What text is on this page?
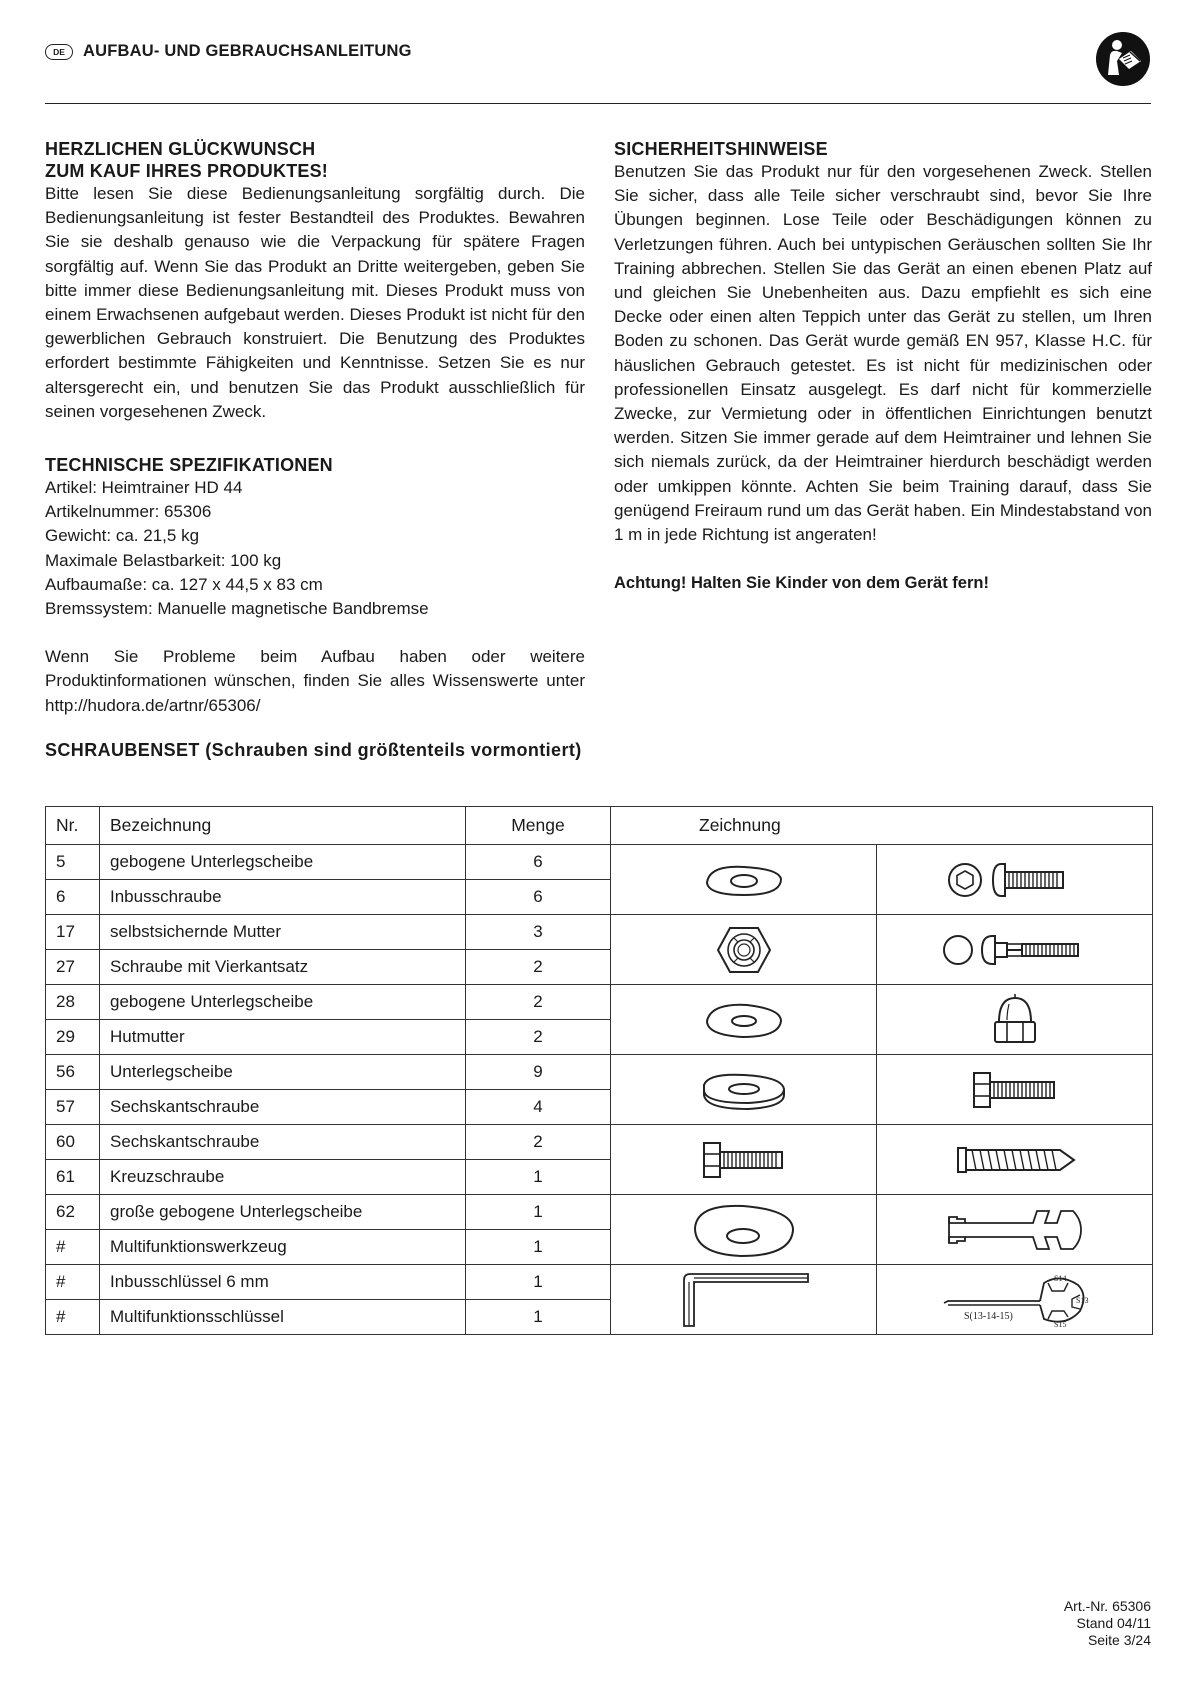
DE	AUFBAU- UND GEBRAUCHSANLEITUNG
HERZLICHEN GLÜCKWUNSCH
ZUM KAUF IHRES PRODUKTES!

Bitte lesen Sie diese Bedienungsanleitung sorgfältig durch. Die Bedienungsanleitung ist fester Bestandteil des Produktes. Bewahren Sie sie deshalb genauso wie die Verpackung für spätere Fragen sorgfältig auf. Wenn Sie das Produkt an Dritte weitergeben, geben Sie bitte immer diese Bedienungsanleitung mit. Dieses Produkt muss von einem Erwachsenen aufgebaut werden. Dieses Produkt ist nicht für den gewerblichen Gebrauch konstruiert. Die Benutzung des Produktes erfordert bestimmte Fähigkeiten und Kenntnisse. Setzen Sie es nur altersgerecht ein, und benutzen Sie das Produkt ausschließlich für seinen vorgesehenen Zweck.

TECHNISCHE SPEZIFIKATIONEN
Artikel: Heimtrainer HD 44
Artikelnummer: 65306
Gewicht: ca. 21,5 kg
Maximale Belastbarkeit: 100 kg
Aufbaumaße: ca. 127 x 44,5 x 83 cm
Bremssystem: Manuelle magnetische Bandbremse

Wenn Sie Probleme beim Aufbau haben oder weitere Produktinformationen wünschen, finden Sie alles Wissenswerte unter http://hudora.de/artnr/65306/

SICHERHEITSHINWEISE

Benutzen Sie das Produkt nur für den vorgesehenen Zweck. Stellen Sie sicher, dass alle Teile sicher verschraubt sind, bevor Sie Ihre Übungen beginnen. Lose Teile oder Beschädigungen können zu Verletzungen führen. Auch bei untypischen Geräuschen sollten Sie Ihr Training abbrechen. Stellen Sie das Gerät an einen ebenen Platz auf und gleichen Sie Unebenheiten aus. Dazu empfiehlt es sich eine Decke oder einen alten Teppich unter das Gerät zu stellen, um Ihren Boden zu schonen. Das Gerät wurde gemäß EN 957, Klasse H.C. für häuslichen Gebrauch getestet. Es ist nicht für medizinischen oder professionellen Einsatz ausgelegt. Es darf nicht für kommerzielle Zwecke, zur Vermietung oder in öffentlichen Einrichtungen benutzt werden. Sitzen Sie immer gerade auf dem Heimtrainer und lehnen Sie sich niemals zurück, da der Heimtrainer hierdurch beschädigt werden oder umkippen könnte. Achten Sie beim Training darauf, dass Sie genügend Freiraum rund um das Gerät haben. Ein Mindestabstand von 1 m in jede Richtung ist angeraten!

Achtung! Halten Sie Kinder von dem Gerät fern!
SCHRAUBENSET (Schrauben sind größtenteils vormontiert)
Nr.	Bezeichnung	Menge	Zeichnung	
5	gebogene Unterlegscheibe	6	

6	Inbusschraube	6		
17	selbstsichernde Mutter	3	

27	Schraube mit Vierkantsatz	2		
28	gebogene Unterlegscheibe	2	

29	Hutmutter	2		
56	Unterlegscheibe	9	

57	Sechskantschraube	4		
60	Sechskantschraube	2	

61	Kreuzschraube	1		
62	große gebogene Unterlegscheibe	1	

#	Multifunktionswerkzeug	1		
#	Inbusschlüssel 6 mm	1		S(13-14-15)
S14
S13
S15

#	Multifunktionsschlüssel	1		
Art.-Nr. 65306
Stand 04/11
Seite 3/24
